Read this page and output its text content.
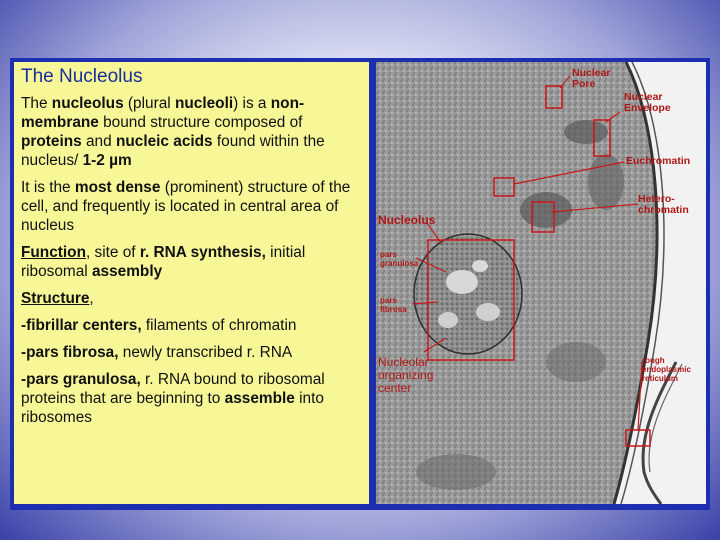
The Nucleolus

The nucleolus (plural nucleoli) is a non-membrane bound structure composed of proteins and nucleic acids found within the nucleus/ 1-2 µm

It is the most dense (prominent) structure of the cell, and frequently is located in central area of nucleus

Function, site of r. RNA synthesis, initial ribosomal assembly

Structure,

-fibrillar centers, filaments of chromatin

-pars fibrosa, newly transcribed r. RNA

-pars granulosa, r. RNA bound to ribosomal proteins that are beginning to assemble into ribosomes

Nuclear
Pore
Nuclear
Envelope
Euchromatin
Hetero-
chromatin
Nucleolus
pars
granulosa
pars
fibrosa
Nucleolar
organizing
center
rough
endoplasmic
reticulum
